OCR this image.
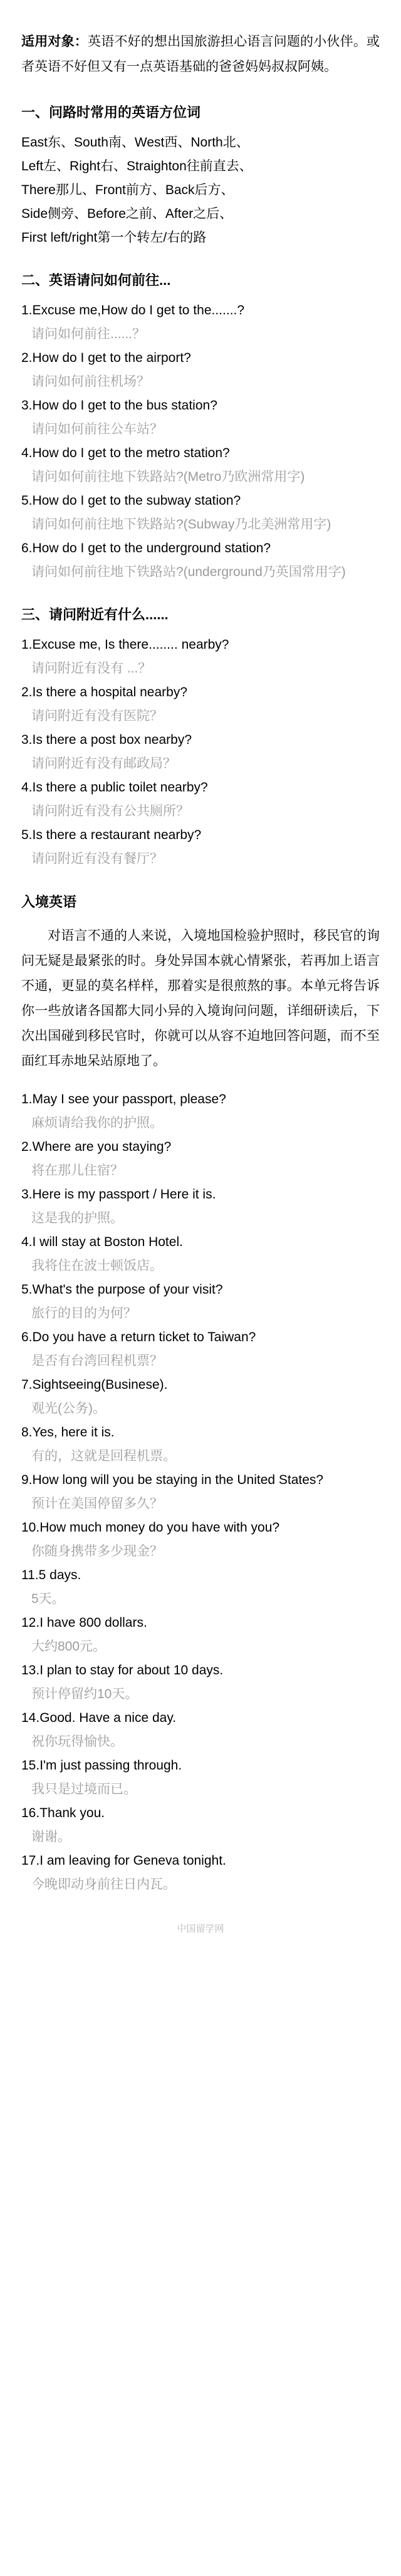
适用对象：英语不好的想出国旅游担心语言问题的小伙伴。或者英语不好但又有一点英语基础的爸爸妈妈叔叔阿姨。

一、问路时常用的英语方位词
East东、South南、West西、North北、
Left左、Right右、Straighton往前直去、
There那儿、Front前方、Back后方、
Side侧旁、Before之前、After之后、
First left/right第一个转左/右的路
二、英语请问如何前往...
1.Excuse me,How do I get to the.......?
请问如何前往......？
2.How do I get to the airport?
请问如何前往机场？
3.How do I get to the bus station?
请问如何前往公车站？
4.How do I get to the metro station?
请问如何前往地下铁路站?(Metro乃欧洲常用字)
5.How do I get to the subway station?
请问如何前往地下铁路站?(Subway乃北美洲常用字)
6.How do I get to the underground station?
请问如何前往地下铁路站?(underground乃英国常用字)
三、请问附近有什么......
1.Excuse me, Is there........ nearby?
请问附近有没有 ...？
2.Is there a hospital nearby?
请问附近有没有医院？
3.Is there a post box nearby?
请问附近有没有邮政局？
4.Is there a public toilet nearby?
请问附近有没有公共厕所？
5.Is there a restaurant nearby?
请问附近有没有餐厅？
入境英语

对语言不通的人来说，入境地国检验护照时，移民官的询问无疑是最紧张的时。身处异国本就心情紧张，若再加上语言不通，更显的莫名样样，那着实是很煎熬的事。本单元将告诉你一些放诸各国都大同小异的入境询问问题，详细研读后，下次出国碰到移民官时，你就可以从容不迫地回答问题，而不至面红耳赤地呆站原地了。

1.May I see your passport, please?
麻烦请给我你的护照。
2.Where are you staying?
将在那儿住宿？
3.Here is my passport / Here it is.
这是我的护照。
4.I will stay at Boston Hotel.
我将住在波士顿饭店。
5.What's the purpose of your visit?
旅行的目的为何？
6.Do you have a return ticket to Taiwan?
是否有台湾回程机票？
7.Sightseeing(Businese).
观光(公务)。
8.Yes, here it is.
有的，这就是回程机票。
9.How long will you be staying in the United States?
预计在美国停留多久？
10.How much money do you have with you?
你随身携带多少现金？
11.5 days.
5天。
12.I have 800 dollars.
大约800元。
13.I plan to stay for about 10 days.
预计停留约10天。
14.Good. Have a nice day.
祝你玩得愉快。
15.I'm just passing through.
我只是过境而已。
16.Thank you.
谢谢。
17.I am leaving for Geneva tonight.
今晚即动身前往日内瓦。
中国留学网
